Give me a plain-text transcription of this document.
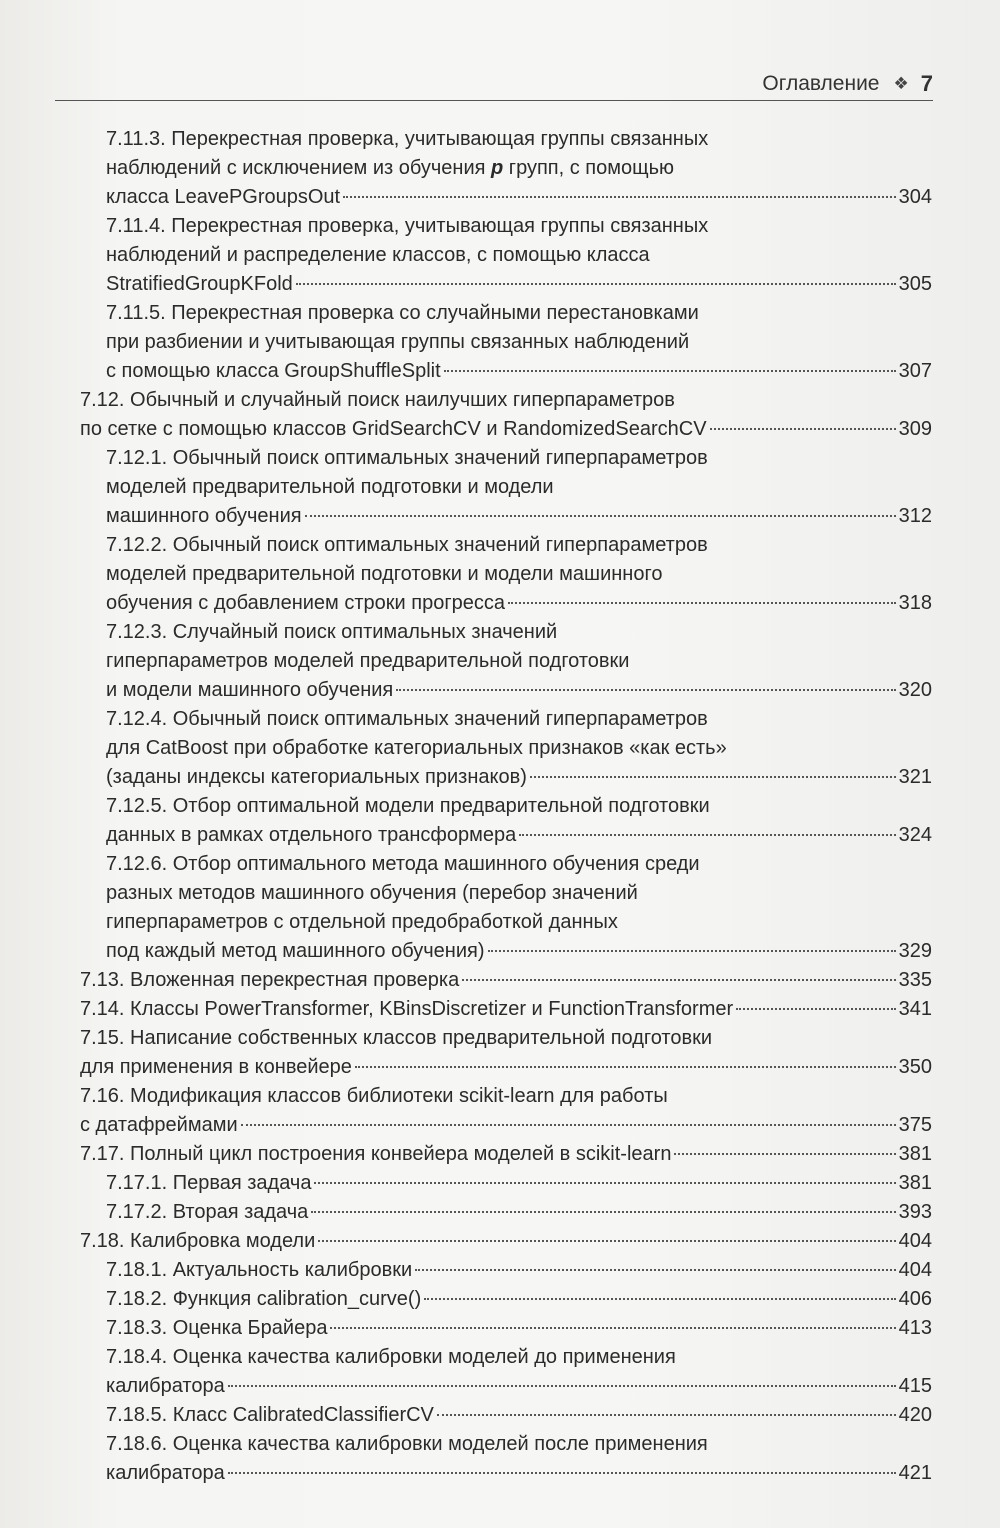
Оглавление ❖ 7
7.11.3. Перекрестная проверка, учитывающая группы связанных
наблюдений с исключением из обучения p групп, с помощью
класса LeavePGroupsOut	304
7.11.4. Перекрестная проверка, учитывающая группы связанных
наблюдений и распределение классов, с помощью класса
StratifiedGroupKFold	305
7.11.5. Перекрестная проверка со случайными перестановками
при разбиении и учитывающая группы связанных наблюдений
с помощью класса GroupShuffleSplit	307
7.12. Обычный и случайный поиск наилучших гиперпараметров
по сетке с помощью классов GridSearchCV и RandomizedSearchCV	309
7.12.1. Обычный поиск оптимальных значений гиперпараметров
моделей предварительной подготовки и модели
машинного обучения	312
7.12.2. Обычный поиск оптимальных значений гиперпараметров
моделей предварительной подготовки и модели машинного
обучения с добавлением строки прогресса	318
7.12.3. Случайный поиск оптимальных значений
гиперпараметров моделей предварительной подготовки
и модели машинного обучения	320
7.12.4. Обычный поиск оптимальных значений гиперпараметров
для CatBoost при обработке категориальных признаков «как есть»
(заданы индексы категориальных признаков)	321
7.12.5. Отбор оптимальной модели предварительной подготовки
данных в рамках отдельного трансформера	324
7.12.6. Отбор оптимального метода машинного обучения среди
разных методов машинного обучения (перебор значений
гиперпараметров с отдельной предобработкой данных
под каждый метод машинного обучения)	329
7.13. Вложенная перекрестная проверка	335
7.14. Классы PowerTransformer, KBinsDiscretizer и FunctionTransformer	341
7.15. Написание собственных классов предварительной подготовки
для применения в конвейере	350
7.16. Модификация классов библиотеки scikit-learn для работы
с датафреймами	375
7.17. Полный цикл построения конвейера моделей в scikit-learn	381
7.17.1. Первая задача	381
7.17.2. Вторая задача	393
7.18. Калибровка модели	404
7.18.1. Актуальность калибровки	404
7.18.2. Функция calibration_curve()	406
7.18.3. Оценка Брайера	413
7.18.4. Оценка качества калибровки моделей до применения
калибратора	415
7.18.5. Класс CalibratedClassifierCV	420
7.18.6. Оценка качества калибровки моделей после применения
калибратора	421
